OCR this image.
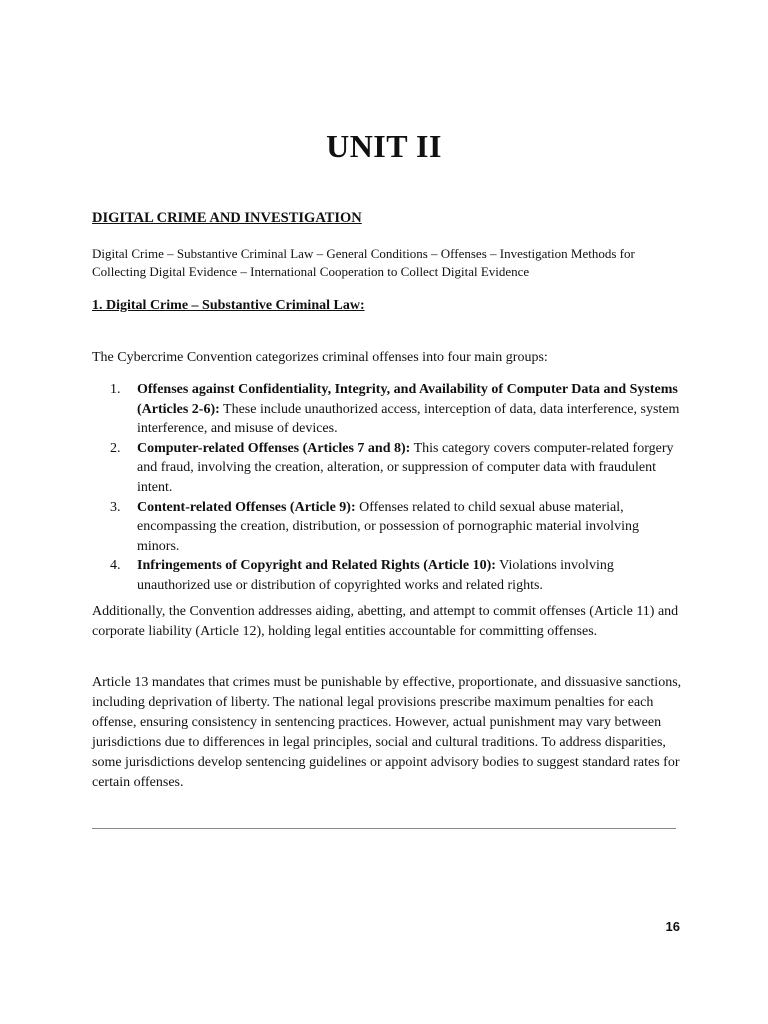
UNIT II
DIGITAL CRIME AND INVESTIGATION

Digital Crime – Substantive Criminal Law – General Conditions – Offenses – Investigation Methods for Collecting Digital Evidence – International Cooperation to Collect Digital Evidence

1. Digital Crime – Substantive Criminal Law:

The Cybercrime Convention categorizes criminal offenses into four main groups:

1. Offenses against Confidentiality, Integrity, and Availability of Computer Data and Systems (Articles 2-6): These include unauthorized access, interception of data, data interference, system interference, and misuse of devices.
2. Computer-related Offenses (Articles 7 and 8): This category covers computer-related forgery and fraud, involving the creation, alteration, or suppression of computer data with fraudulent intent.
3. Content-related Offenses (Article 9): Offenses related to child sexual abuse material, encompassing the creation, distribution, or possession of pornographic material involving minors.
4. Infringements of Copyright and Related Rights (Article 10): Violations involving unauthorized use or distribution of copyrighted works and related rights.

Additionally, the Convention addresses aiding, abetting, and attempt to commit offenses (Article 11) and corporate liability (Article 12), holding legal entities accountable for committing offenses.

Article 13 mandates that crimes must be punishable by effective, proportionate, and dissuasive sanctions, including deprivation of liberty. The national legal provisions prescribe maximum penalties for each offense, ensuring consistency in sentencing practices. However, actual punishment may vary between jurisdictions due to differences in legal principles, social and cultural traditions. To address disparities, some jurisdictions develop sentencing guidelines or appoint advisory bodies to suggest standard rates for certain offenses.

16
